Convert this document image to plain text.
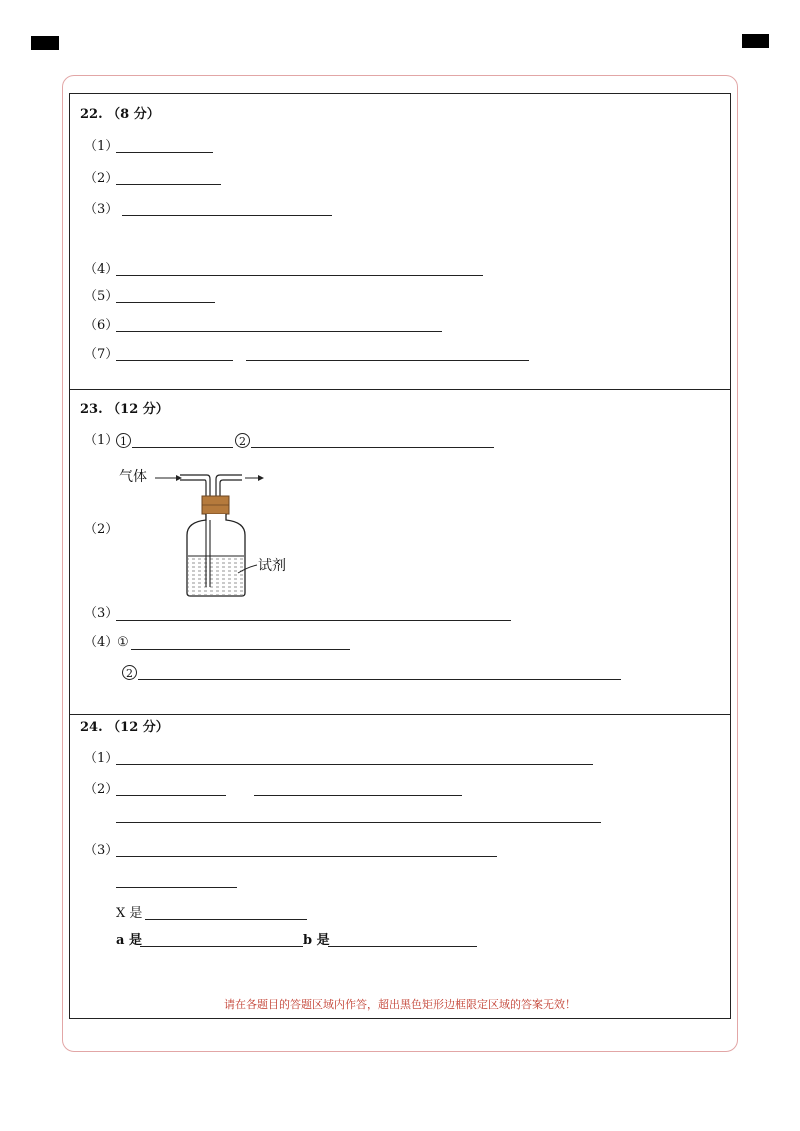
22. （8 分）
（1）
（2）
（3）
（4）
（5）
（6）
（7）
23. （12 分）
（1） 1	2
（2）
气体
试剂
（3）
（4）
①
2
24. （12 分）
（1）
（2）
（3）
X 是
a 是	b 是
请在各题目的答题区域内作答，超出黑色矩形边框限定区域的答案无效！
